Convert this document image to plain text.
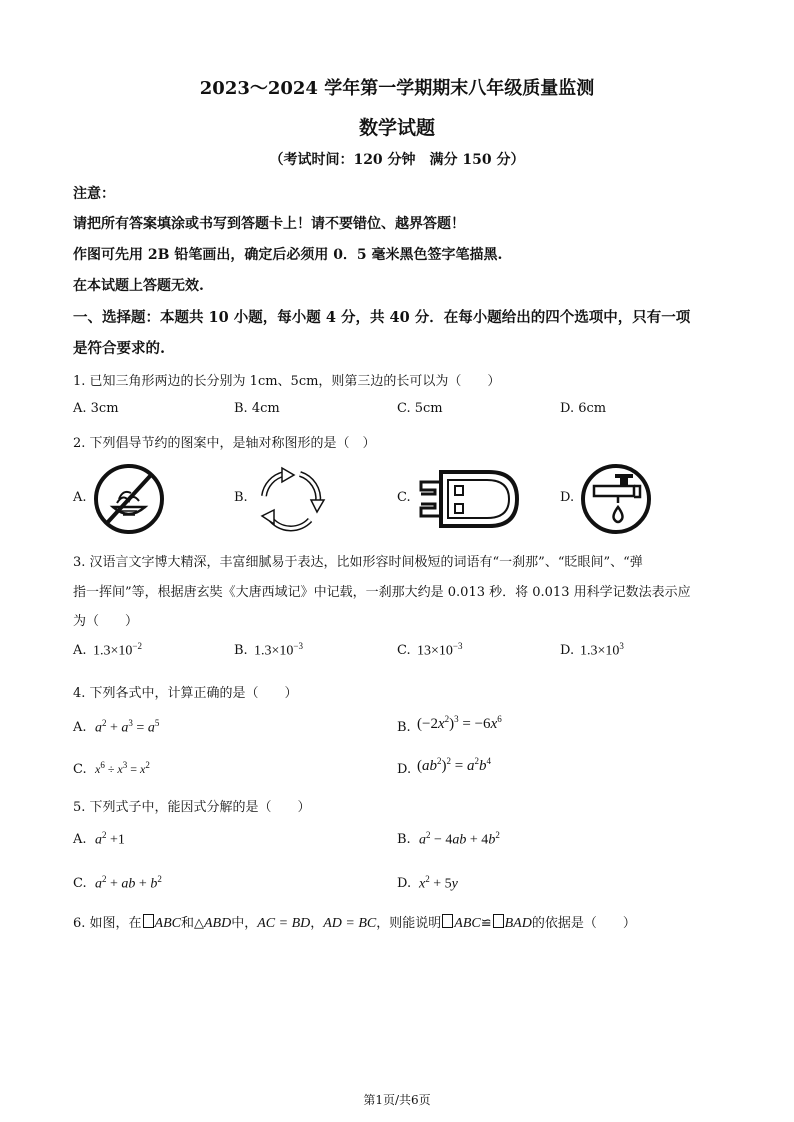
2023～2024 学年第一学期期末八年级质量监测
数学试题
（考试时间：120 分钟　满分 150 分）
注意：
请把所有答案填涂或书写到答题卡上！请不要错位、越界答题！
作图可先用 2B 铅笔画出，确定后必须用 0．5 毫米黑色签字笔描黑.
在本试题上答题无效.
一、选择题：本题共 10 小题，每小题 4 分，共 40 分．在每小题给出的四个选项中，只有一项
是符合要求的.
1. 已知三角形两边的长分别为 1cm、5cm，则第三边的长可以为（　　）
A. 3cm	B. 4cm	C. 5cm	D. 6cm
2. 下列倡导节约的图案中，是轴对称图形的是（　）
A.	B.	C.	D.
3. 汉语言文字博大精深，丰富细腻易于表达，比如形容时间极短的词语有“一刹那”、“眨眼间”、“弹
指一挥间”等，根据唐玄奘《大唐西域记》中记载，一刹那大约是 0.013 秒．将 0.013 用科学记数法表示应
为（　　）
A. $1.3\times 10^{-2}$	B. $1.3\times 10^{-3}$	C. $13\times 10^{-3}$	D. $1.3\times 10^3$
4. 下列各式中，计算正确的是（　　）
A. $a^2 + a^3 = a^5$	B. $(-2x^2)^3 = -6x^6$
C. $x^6 \div x^3 = x^2$	D. $(ab^2)^2 = a^2b^4$
5. 下列式子中，能因式分解的是（　　）
A. $a^2 +1$	B. $a^2 - 4ab + 4b^2$
C. $a^2$ + ab + $b^2$	D. $x^2 + 5y$
6. 如图，在 ABC和△ABD中，AC = BD，AD = BC，则能说明 ABC≌ BAD的依据是（　　）
第1页/共6页
